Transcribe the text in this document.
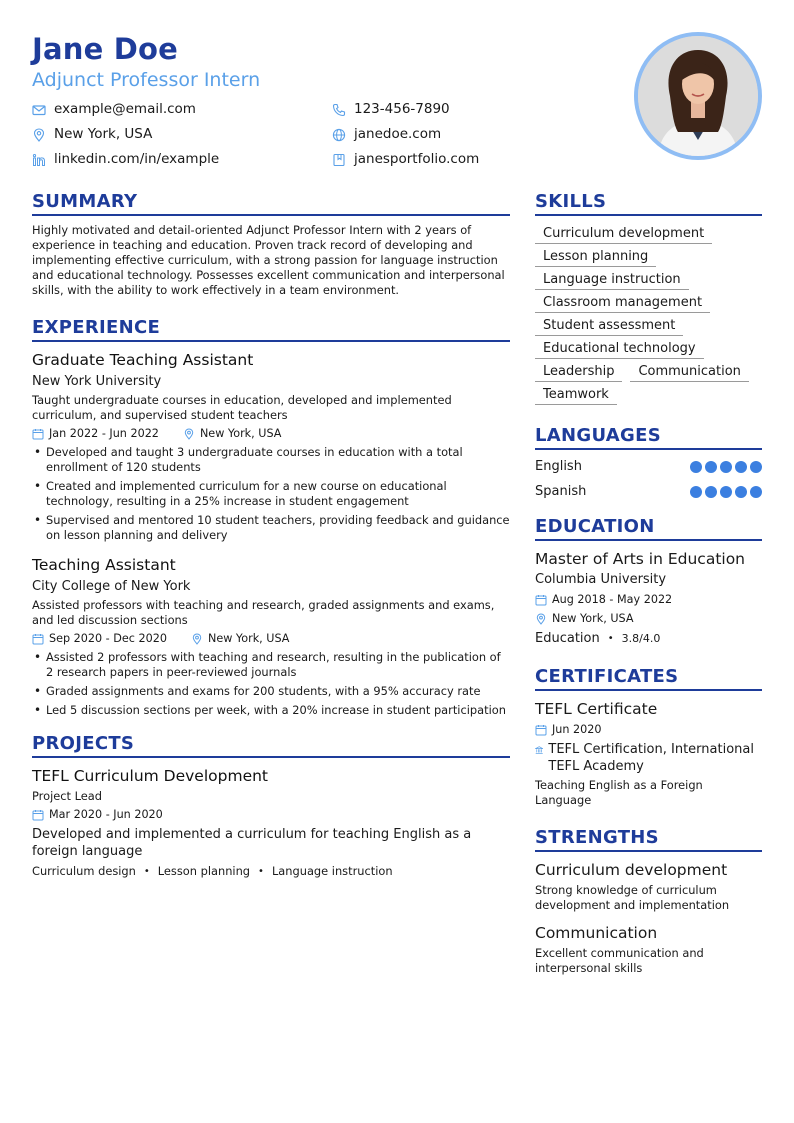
Jane Doe
Adjunct Professor Intern
example@email.com	123-456-7890
New York, USA	janedoe.com
linkedin.com/in/example	janesportfolio.com
SUMMARY
Highly motivated and detail-oriented Adjunct Professor Intern with 2 years of experience in teaching and education. Proven track record of developing and implementing effective curriculum, with a strong passion for language instruction and educational technology. Possesses excellent communication and interpersonal skills, with the ability to work effectively in a team environment.
EXPERIENCE
Graduate Teaching Assistant
New York University
Taught undergraduate courses in education, developed and implemented curriculum, and supervised student teachers
Jan 2022 - Jun 2022	New York, USA
• Developed and taught 3 undergraduate courses in education with a total enrollment of 120 students
• Created and implemented curriculum for a new course on educational technology, resulting in a 25% increase in student engagement
• Supervised and mentored 10 student teachers, providing feedback and guidance on lesson planning and delivery
Teaching Assistant
City College of New York
Assisted professors with teaching and research, graded assignments and exams, and led discussion sections
Sep 2020 - Dec 2020	New York, USA
• Assisted 2 professors with teaching and research, resulting in the publication of 2 research papers in peer-reviewed journals
• Graded assignments and exams for 200 students, with a 95% accuracy rate
• Led 5 discussion sections per week, with a 20% increase in student participation
PROJECTS
TEFL Curriculum Development
Project Lead
Mar 2020 - Jun 2020
Developed and implemented a curriculum for teaching English as a foreign language
Curriculum design • Lesson planning • Language instruction
SKILLS
Curriculum development
Lesson planning
Language instruction
Classroom management
Student assessment
Educational technology
Leadership	Communication
Teamwork
LANGUAGES
English
Spanish
EDUCATION
Master of Arts in Education
Columbia University
Aug 2018 - May 2022
New York, USA
Education • 3.8/4.0
CERTIFICATES
TEFL Certificate
Jun 2020
TEFL Certification, International TEFL Academy
Teaching English as a Foreign Language
STRENGTHS
Curriculum development
Strong knowledge of curriculum development and implementation
Communication
Excellent communication and interpersonal skills
